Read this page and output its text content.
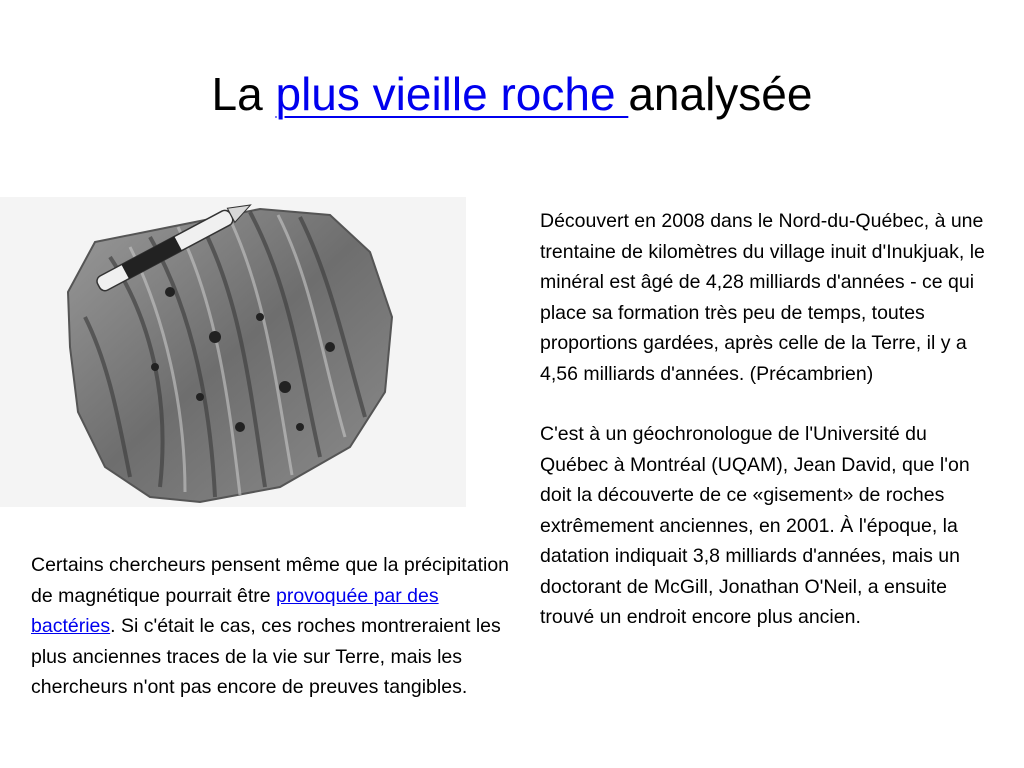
La plus vieille roche analysée

Découvert en 2008 dans le Nord-du-Québec, à une trentaine de kilomètres du village inuit d'Inukjuak, le minéral est âgé de 4,28 milliards d'années - ce qui place sa formation très peu de temps, toutes proportions gardées, après celle de la Terre, il y a 4,56 milliards d'années. (Précambrien)

C'est à un géochronologue de l'Université du Québec à Montréal (UQAM), Jean David, que l'on doit la découverte de ce «gisement» de roches extrêmement anciennes, en 2001. À l'époque, la datation indiquait 3,8 milliards d'années, mais un doctorant de McGill, Jonathan O'Neil, a ensuite trouvé un endroit encore plus ancien.

Certains chercheurs pensent même que la précipitation de magnétique pourrait être provoquée par des bactéries. Si c'était le cas, ces roches montreraient les plus anciennes traces de la vie sur Terre, mais les chercheurs n'ont pas encore de preuves tangibles.
